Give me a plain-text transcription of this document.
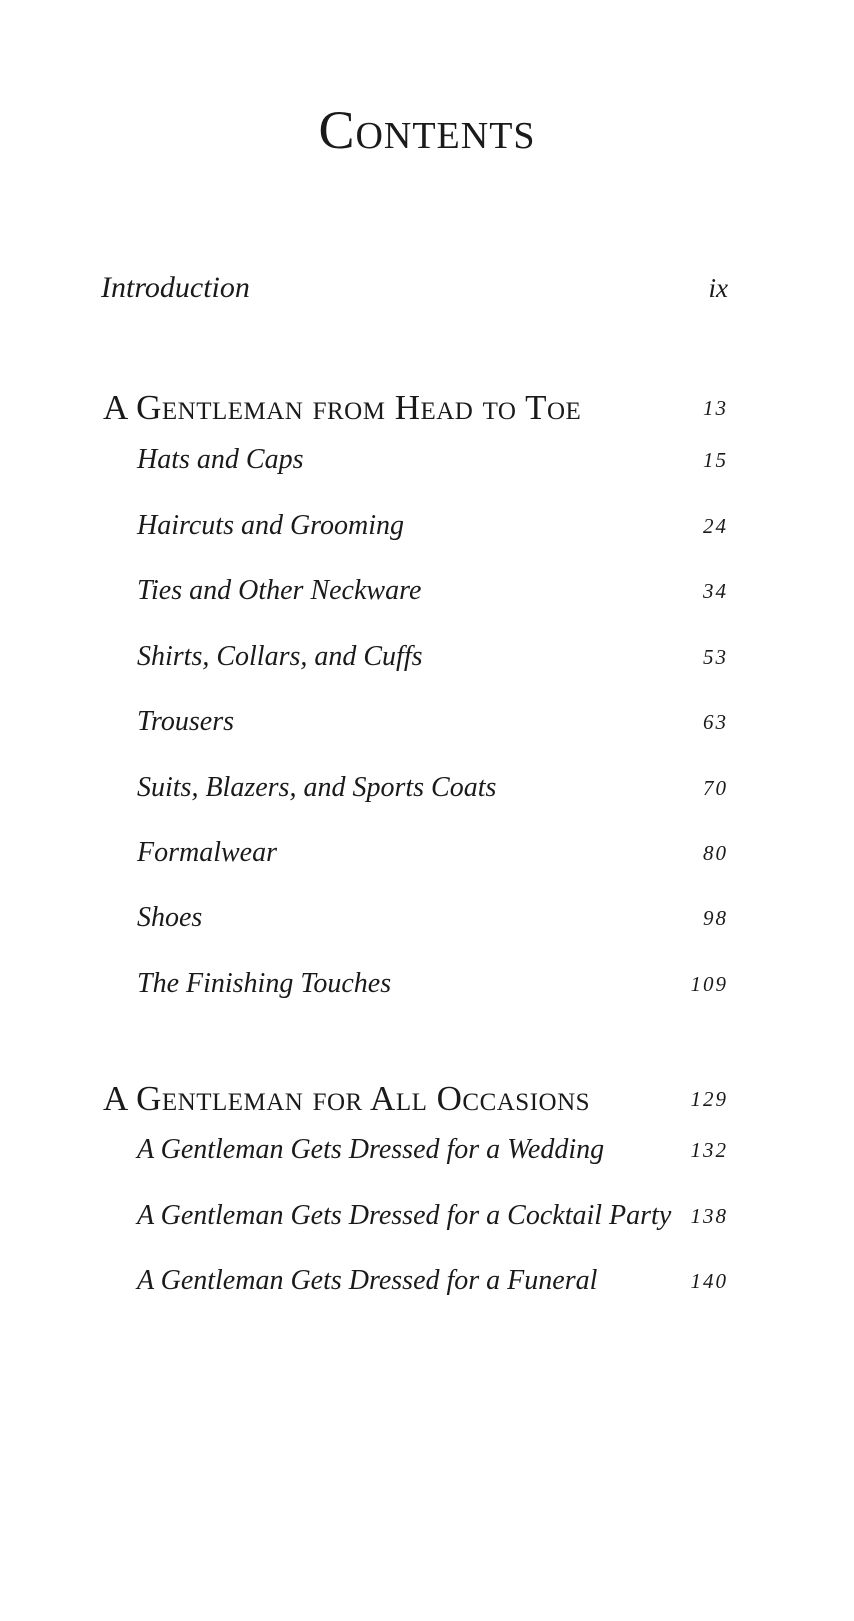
Contents
Introduction	ix
A Gentleman from Head to Toe	13
Hats and Caps	15
Haircuts and Grooming	24
Ties and Other Neckware	34
Shirts, Collars, and Cuffs	53
Trousers	63
Suits, Blazers, and Sports Coats	70
Formalwear	80
Shoes	98
The Finishing Touches	109
A Gentleman for All Occasions	129
A Gentleman Gets Dressed for a Wedding	132
A Gentleman Gets Dressed for a Cocktail Party 138
A Gentleman Gets Dressed for a Funeral	140
